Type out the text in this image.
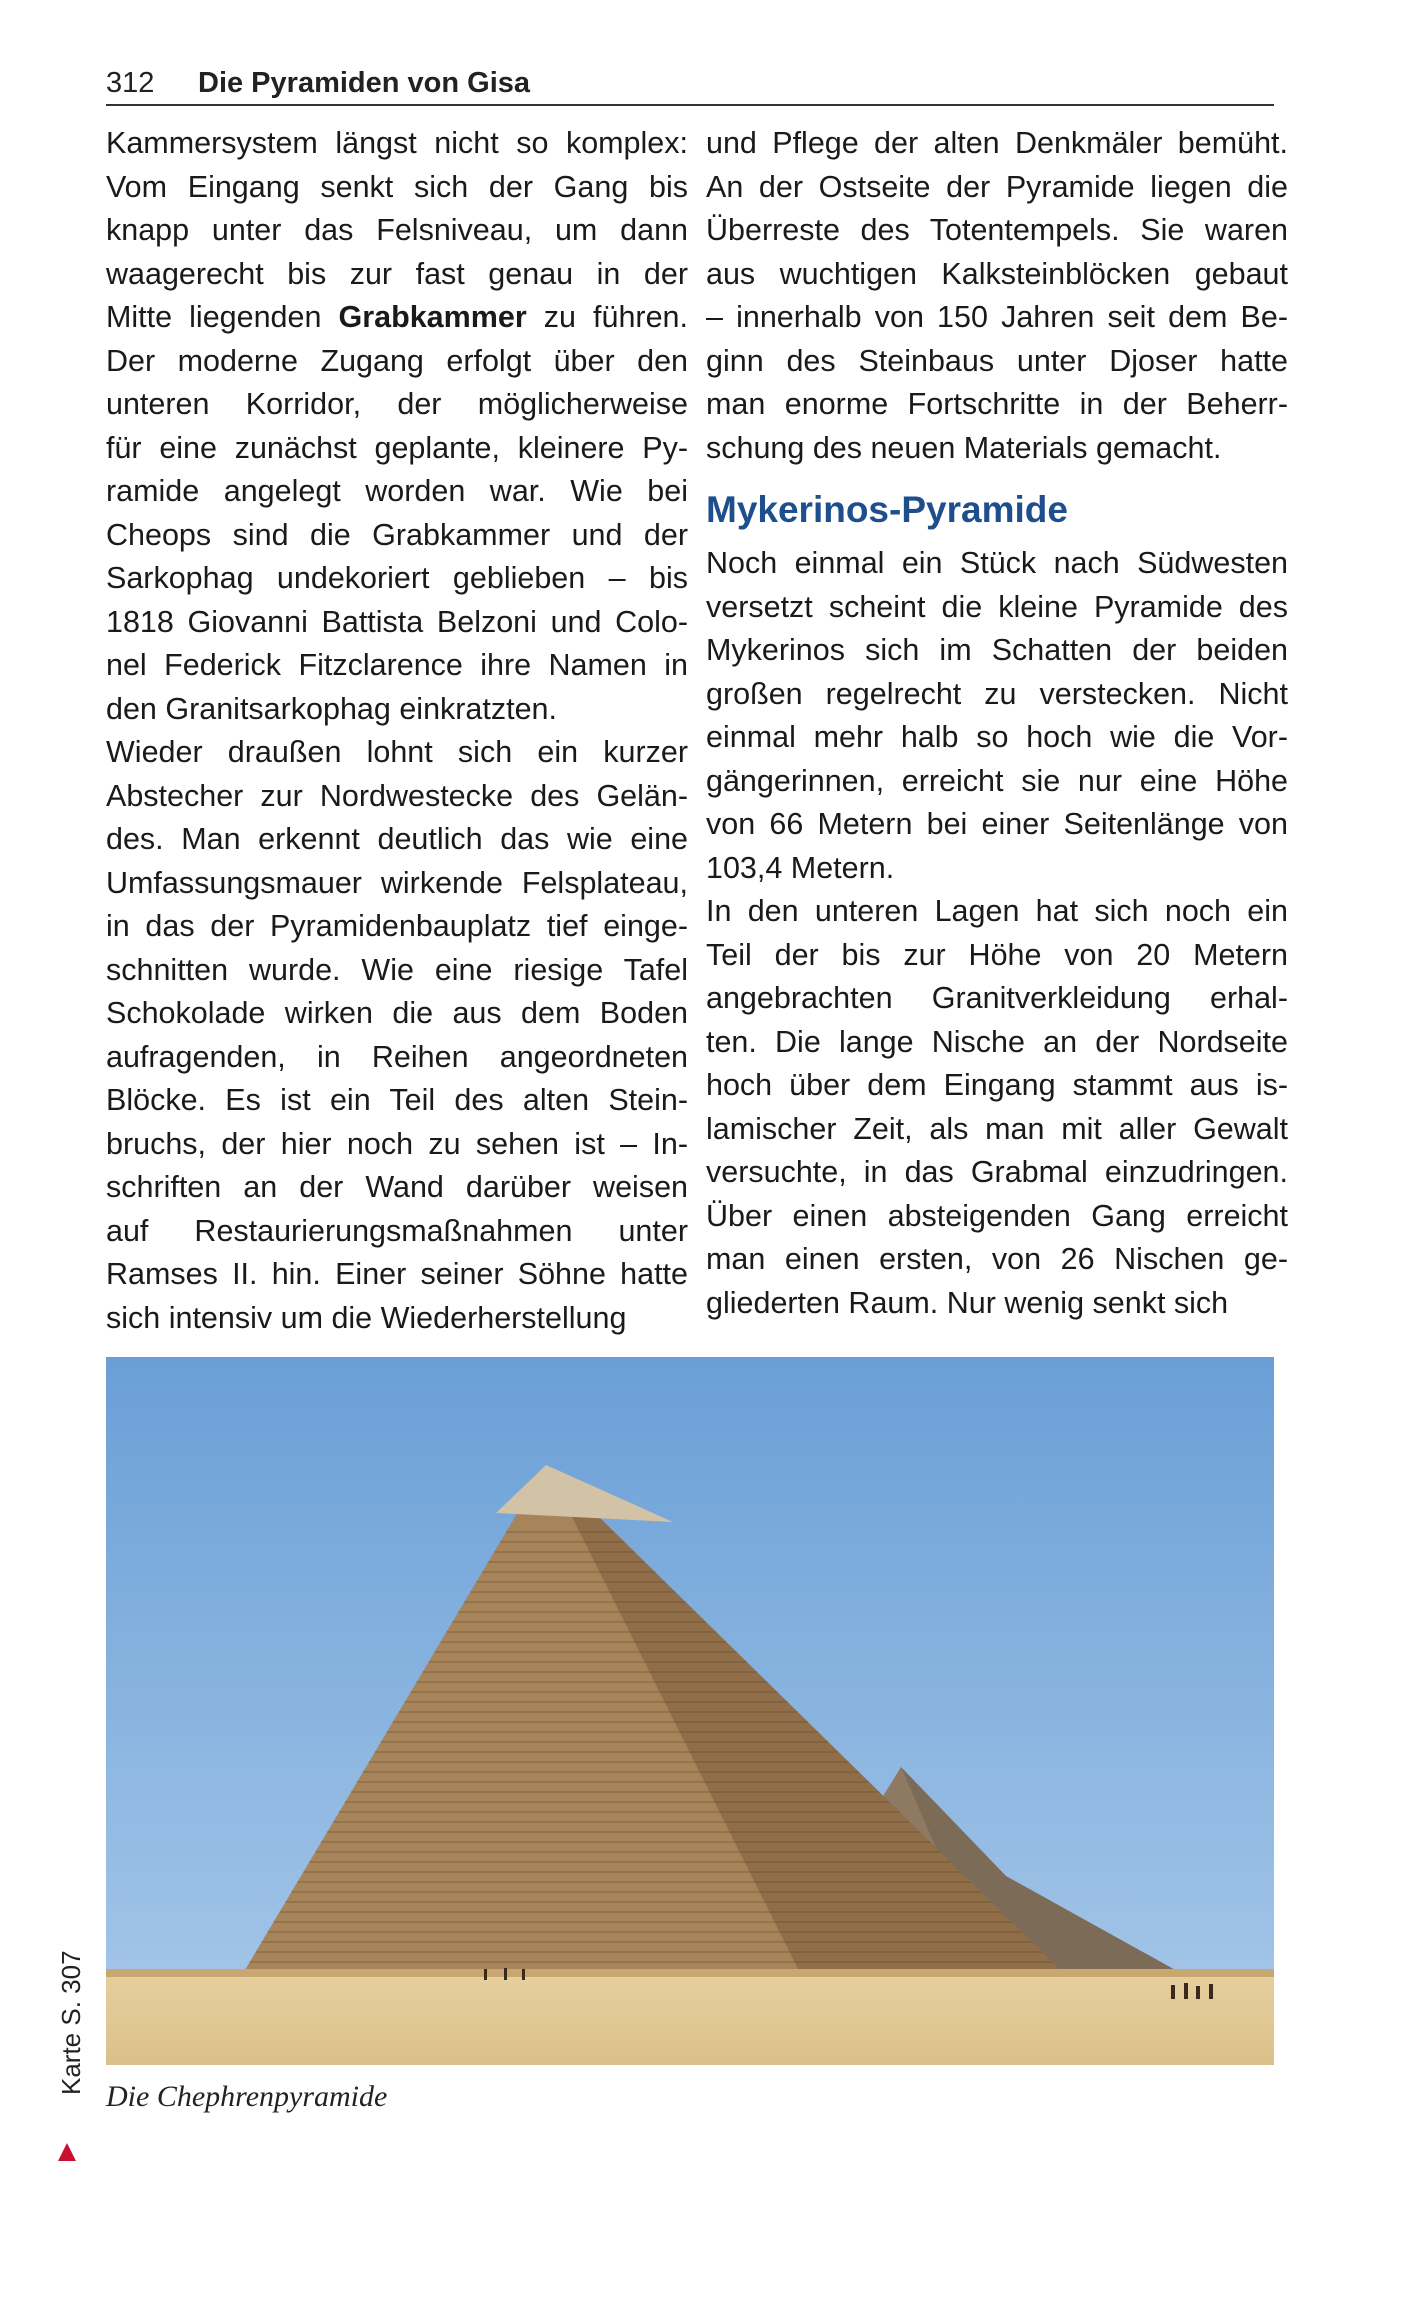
312 Die Pyramiden von Gisa
Kammersystem längst nicht so komplex:
Vom Eingang senkt sich der Gang bis
knapp unter das Felsniveau, um dann
waagerecht bis zur fast genau in der
Mitte liegenden Grabkammer zu führen.
Der moderne Zugang erfolgt über den
unteren Korridor, der möglicherweise
für eine zunächst geplante, kleinere Py-
ramide angelegt worden war. Wie bei
Cheops sind die Grabkammer und der
Sarkophag undekoriert geblieben – bis
1818 Giovanni Battista Belzoni und Colo-
nel Federick Fitzclarence ihre Namen in
den Granitsarkophag einkratzten.
Wieder draußen lohnt sich ein kurzer
Abstecher zur Nordwestecke des Gelän-
des. Man erkennt deutlich das wie eine
Umfassungsmauer wirkende Felsplateau,
in das der Pyramidenbauplatz tief einge-
schnitten wurde. Wie eine riesige Tafel
Schokolade wirken die aus dem Boden
aufragenden, in Reihen angeordneten
Blöcke. Es ist ein Teil des alten Stein-
bruchs, der hier noch zu sehen ist – In-
schriften an der Wand darüber weisen
auf Restaurierungsmaßnahmen unter
Ramses II. hin. Einer seiner Söhne hatte
sich intensiv um die Wiederherstellung
und Pflege der alten Denkmäler bemüht.
An der Ostseite der Pyramide liegen die
Überreste des Totentempels. Sie waren
aus wuchtigen Kalksteinblöcken gebaut
– innerhalb von 150 Jahren seit dem Be-
ginn des Steinbaus unter Djoser hatte
man enorme Fortschritte in der Beherr-
schung des neuen Materials gemacht.
Mykerinos-Pyramide
Noch einmal ein Stück nach Südwesten
versetzt scheint die kleine Pyramide des
Mykerinos sich im Schatten der beiden
großen regelrecht zu verstecken. Nicht
einmal mehr halb so hoch wie die Vor-
gängerinnen, erreicht sie nur eine Höhe
von 66 Metern bei einer Seitenlänge von
103,4 Metern.
In den unteren Lagen hat sich noch ein
Teil der bis zur Höhe von 20 Metern
angebrachten Granitverkleidung erhal-
ten. Die lange Nische an der Nordseite
hoch über dem Eingang stammt aus is-
lamischer Zeit, als man mit aller Gewalt
versuchte, in das Grabmal einzudringen.
Über einen absteigenden Gang erreicht
man einen ersten, von 26 Nischen ge-
gliederten Raum. Nur wenig senkt sich
Die Chephrenpyramide
Karte S. 307
